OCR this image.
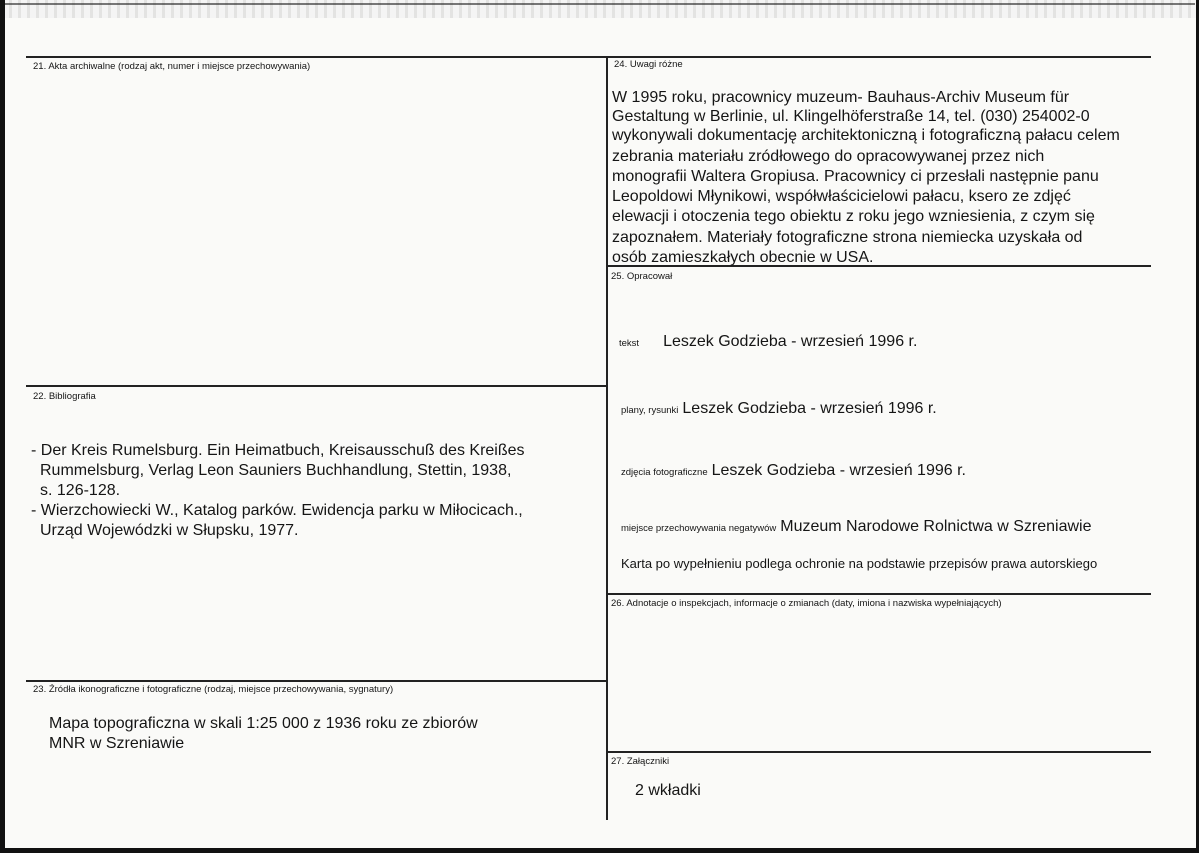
21. Akta archiwalne (rodzaj akt, numer i miejsce przechowywania)
22. Bibliografia
- Der Kreis Rumelsburg. Ein Heimatbuch, Kreisausschuß des Kreißes
Rummelsburg, Verlag Leon Sauniers Buchhandlung, Stettin, 1938,
s. 126-128.
- Wierzchowiecki W., Katalog parków. Ewidencja parku w Miłocicach.,
Urząd Wojewódzki w Słupsku, 1977.
23. Źródła ikonograficzne i fotograficzne (rodzaj, miejsce przechowywania, sygnatury)
Mapa topograficzna w skali 1:25 000 z 1936 roku ze zbiorów
MNR w Szreniawie
24. Uwagi różne
W 1995 roku, pracownicy muzeum- Bauhaus-Archiv Museum für
Gestaltung w Berlinie, ul. Klingelhöferstraße 14, tel. (030) 254002-0
wykonywali dokumentację architektoniczną i fotograficzną pałacu celem
zebrania materiału zródłowego do opracowywanej przez nich
monografii Waltera Gropiusa. Pracownicy ci przesłali następnie panu
Leopoldowi Młynikowi, współwłaścicielowi pałacu, ksero ze zdjęć
elewacji i otoczenia tego obiektu z roku jego wzniesienia, z czym się
zapoznałem. Materiały fotograficzne strona niemiecka uzyskała od
osób zamieszkałych obecnie w USA.
25. Opracował
tekst Leszek Godzieba - wrzesień 1996 r.
plany, rysunki Leszek Godzieba - wrzesień 1996 r.
zdjęcia fotograficzne Leszek Godzieba - wrzesień 1996 r.
miejsce przechowywania negatywów Muzeum Narodowe Rolnictwa w Szreniawie
Karta po wypełnieniu podlega ochronie na podstawie przepisów prawa autorskiego
26. Adnotacje o inspekcjach, informacje o zmianach (daty, imiona i nazwiska wypełniających)
27. Załączniki
2 wkładki
